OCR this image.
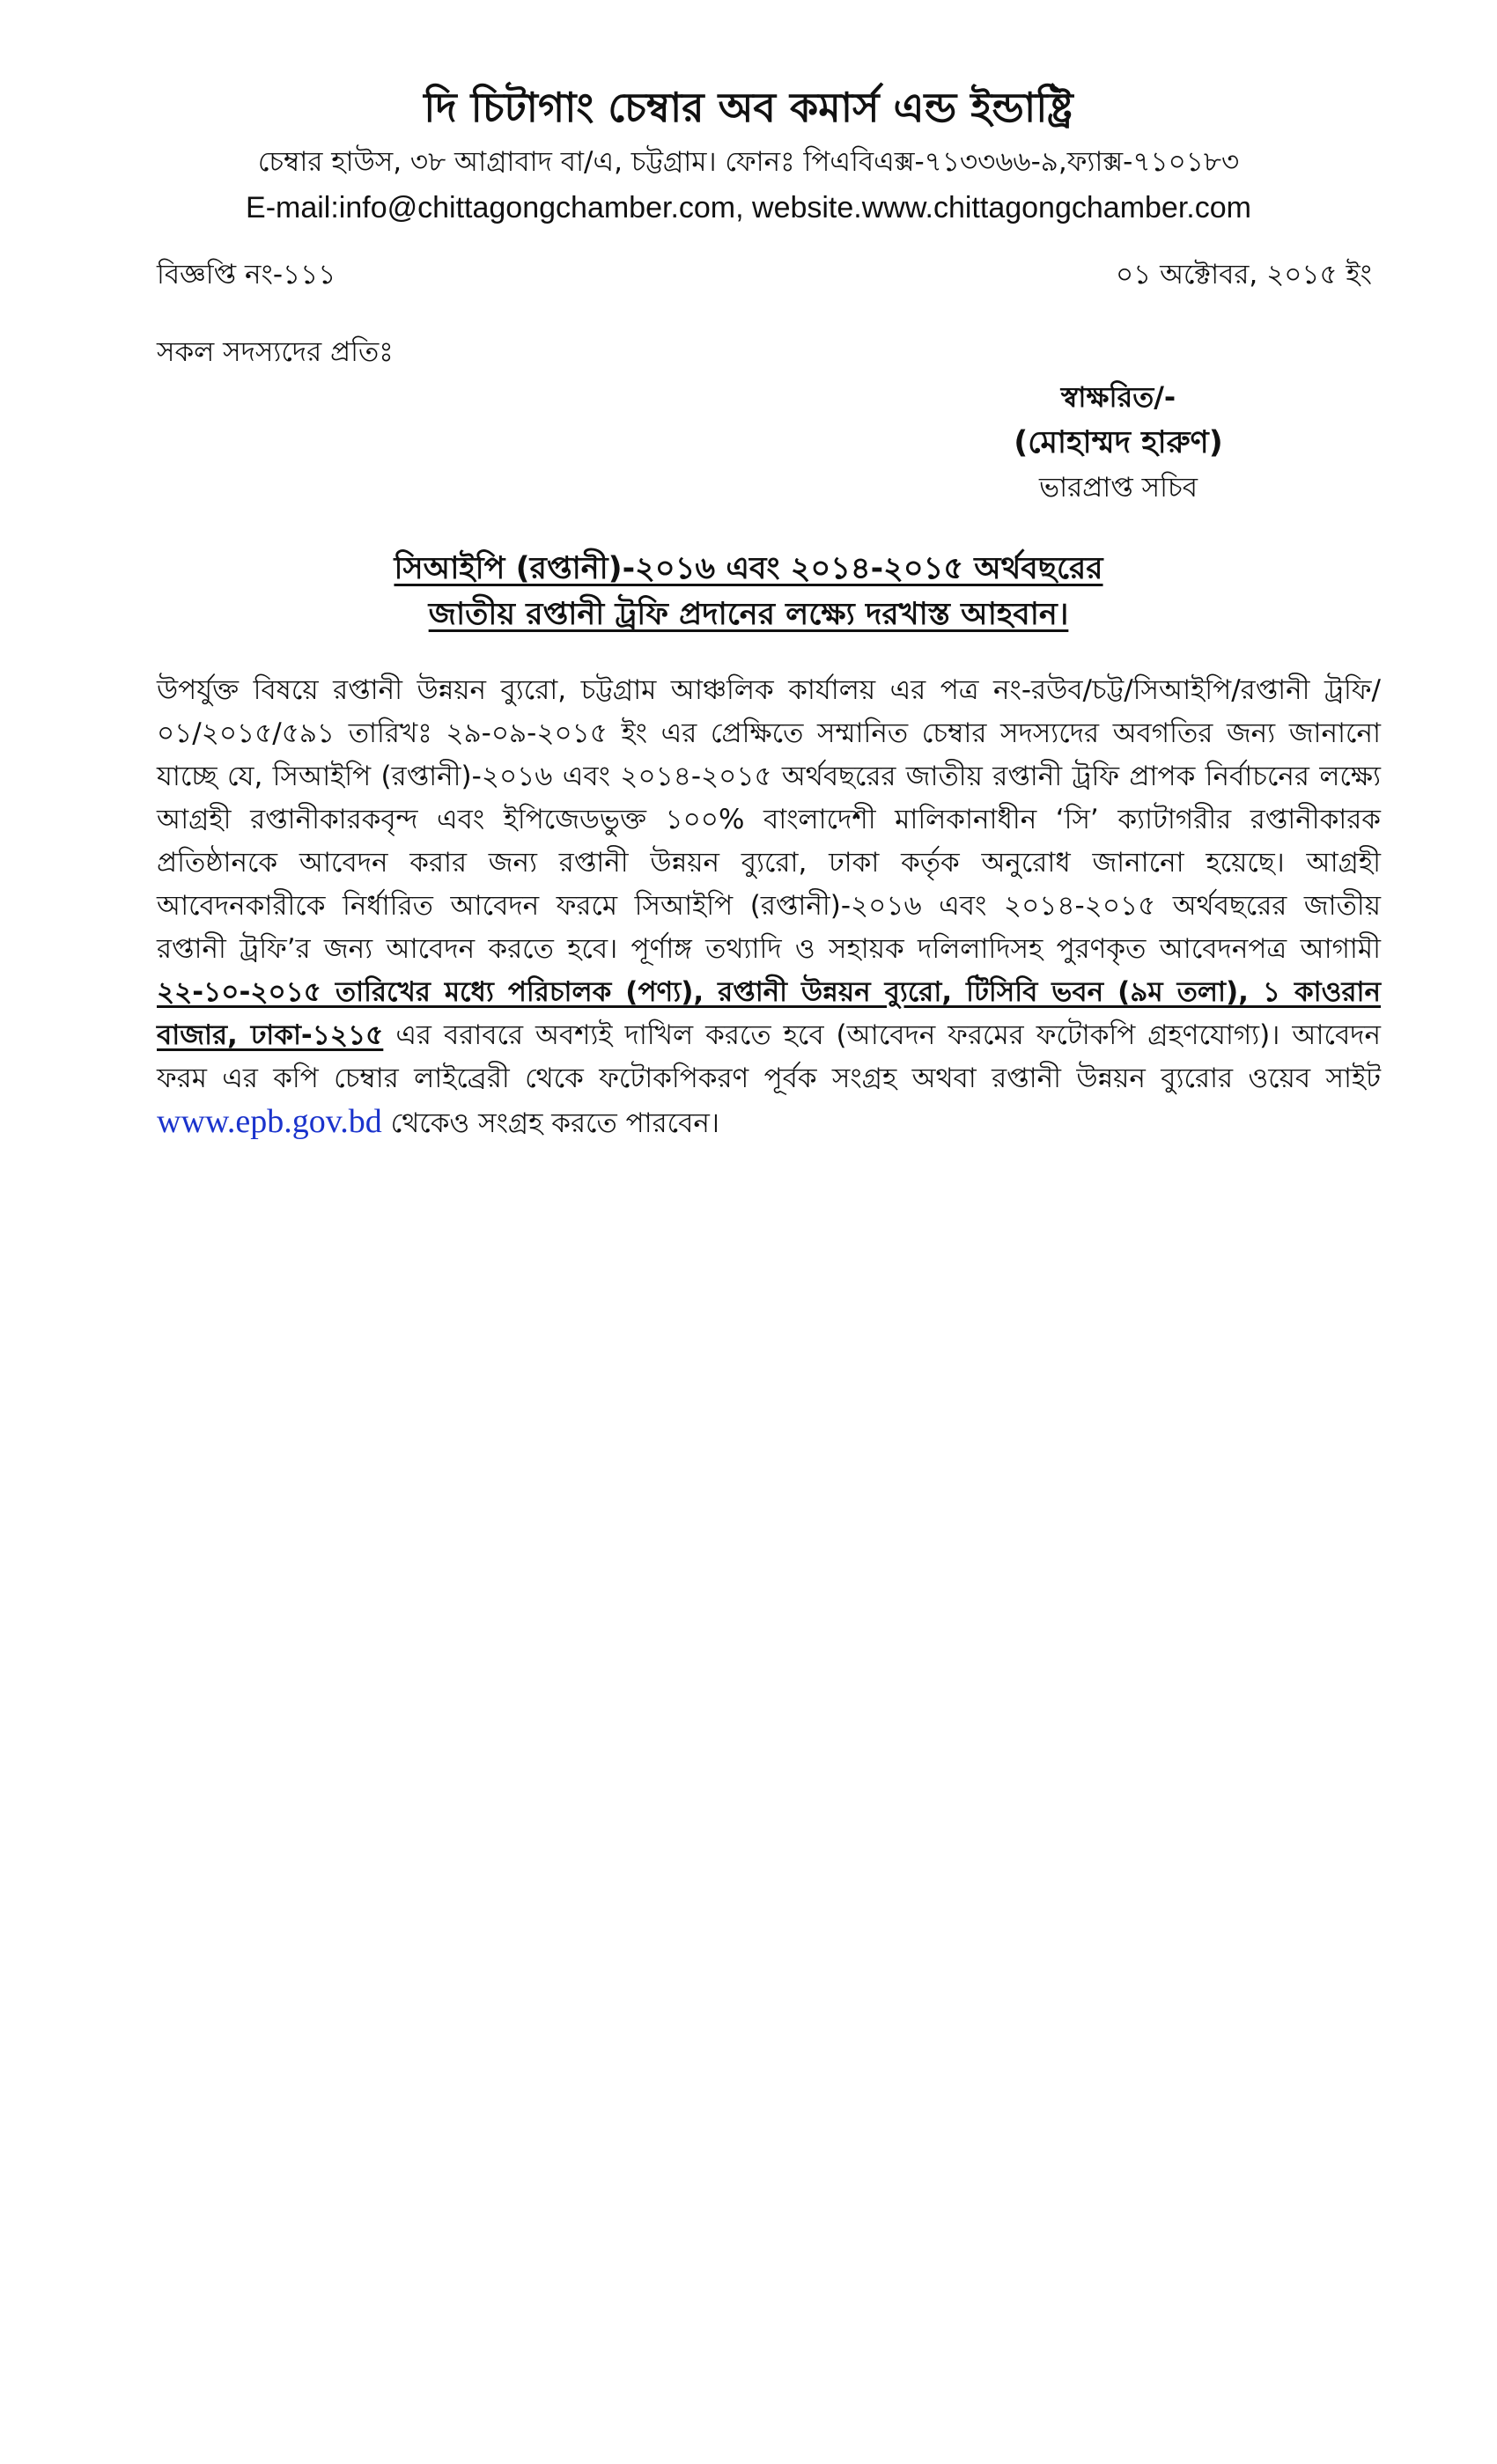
দি চিটাগাং চেম্বার অব কমার্স এন্ড ইন্ডাষ্ট্রি
চেম্বার হাউস, ৩৮ আগ্রাবাদ বা/এ, চট্টগ্রাম। ফোনঃ পিএবিএক্স-৭১৩৩৬৬-৯,ফ্যাক্স-৭১০১৮৩
E-mail:info@chittagongchamber.com, website.www.chittagongchamber.com
বিজ্ঞপ্তি নং-১১১	০১ অক্টোবর, ২০১৫ ইং
সকল সদস্যদের প্রতিঃ
স্বাক্ষরিত/-
(মোহাম্মদ হারুণ)
ভারপ্রাপ্ত সচিব
সিআইপি (রপ্তানী)-২০১৬ এবং ২০১৪-২০১৫ অর্থবছরের
জাতীয় রপ্তানী ট্রফি প্রদানের লক্ষ্যে দরখাস্ত আহবান।
উপর্যুক্ত বিষয়ে রপ্তানী উন্নয়ন ব্যুরো, চট্টগ্রাম আঞ্চলিক কার্যালয় এর পত্র নং-রউব/চট্ট/সিআইপি/রপ্তানী ট্রফি/০১/২০১৫/৫৯১ তারিখঃ ২৯-০৯-২০১৫ ইং এর প্রেক্ষিতে সম্মানিত চেম্বার সদস্যদের অবগতির জন্য জানানো যাচ্ছে যে, সিআইপি (রপ্তানী)-২০১৬ এবং ২০১৪-২০১৫ অর্থবছরের জাতীয় রপ্তানী ট্রফি প্রাপক নির্বাচনের লক্ষ্যে আগ্রহী রপ্তানীকারকবৃন্দ এবং ইপিজেডভুক্ত ১০০% বাংলাদেশী মালিকানাধীন ‘সি’ ক্যাটাগরীর রপ্তানীকারক প্রতিষ্ঠানকে আবেদন করার জন্য রপ্তানী উন্নয়ন ব্যুরো, ঢাকা কর্তৃক অনুরোধ জানানো হয়েছে। আগ্রহী আবেদনকারীকে নির্ধারিত আবেদন ফরমে সিআইপি (রপ্তানী)-২০১৬ এবং ২০১৪-২০১৫ অর্থবছরের জাতীয় রপ্তানী ট্রফি’র জন্য আবেদন করতে হবে। পূর্ণাঙ্গ তথ্যাদি ও সহায়ক দলিলাদিসহ পুরণকৃত আবেদনপত্র আগামী ২২-১০-২০১৫ তারিখের মধ্যে পরিচালক (পণ্য), রপ্তানী উন্নয়ন ব্যুরো, টিসিবি ভবন (৯ম তলা), ১ কাওরান বাজার, ঢাকা-১২১৫ এর বরাবরে অবশ্যই দাখিল করতে হবে (আবেদন ফরমের ফটোকপি গ্রহণযোগ্য)। আবেদন ফরম এর কপি চেম্বার লাইব্রেরী থেকে ফটোকপিকরণ পূর্বক সংগ্রহ অথবা রপ্তানী উন্নয়ন ব্যুরোর ওয়েব সাইট www.epb.gov.bd থেকেও সংগ্রহ করতে পারবেন।
